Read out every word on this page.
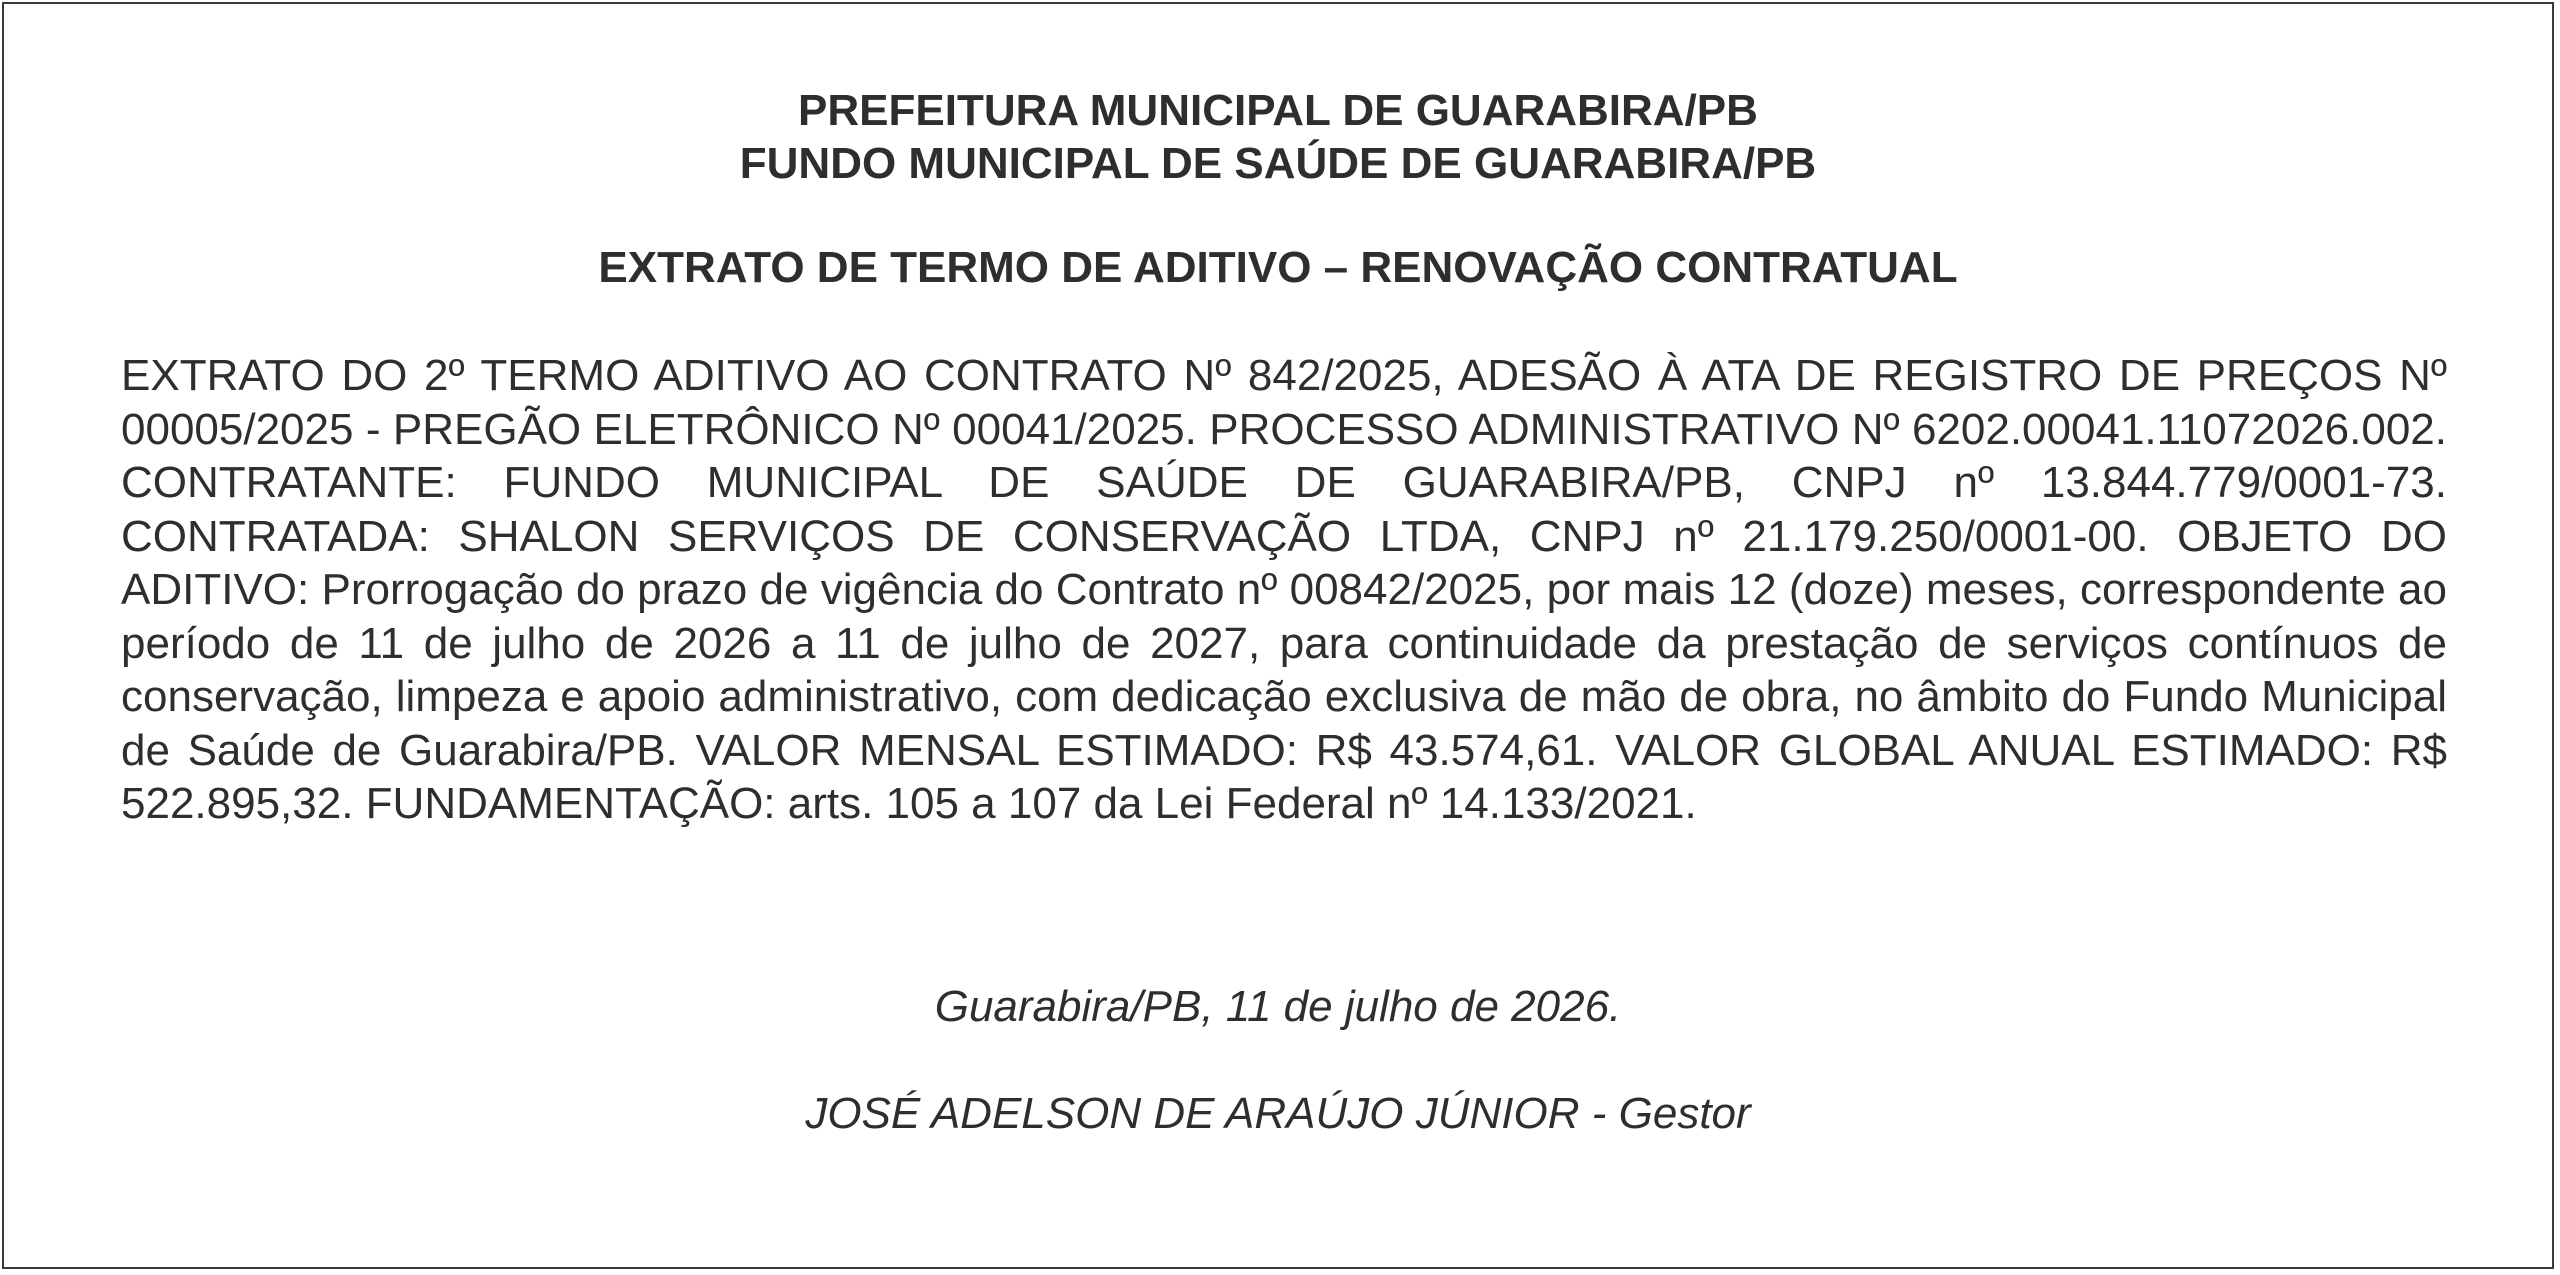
PREFEITURA MUNICIPAL DE GUARABIRA/PB
FUNDO MUNICIPAL DE SAÚDE DE GUARABIRA/PB
EXTRATO DE TERMO DE ADITIVO – RENOVAÇÃO CONTRATUAL

EXTRATO DO 2º TERMO ADITIVO AO CONTRATO Nº 842/2025, ADESÃO À ATA DE REGISTRO DE PREÇOS Nº 00005/2025 - PREGÃO ELETRÔNICO Nº 00041/2025. PROCESSO ADMINISTRATIVO Nº 6202.00041.11072026.002. CONTRATANTE: FUNDO MUNICIPAL DE SAÚDE DE GUARABIRA/PB, CNPJ nº 13.844.779/0001-73. CONTRATADA: SHALON SERVIÇOS DE CONSERVAÇÃO LTDA, CNPJ nº 21.179.250/0001-00. OBJETO DO ADITIVO: Prorrogação do prazo de vigência do Contrato nº 00842/2025, por mais 12 (doze) meses, correspondente ao período de 11 de julho de 2026 a 11 de julho de 2027, para continuidade da prestação de serviços contínuos de conservação, limpeza e apoio administrativo, com dedicação exclusiva de mão de obra, no âmbito do Fundo Municipal de Saúde de Guarabira/PB. VALOR MENSAL ESTIMADO: R$ 43.574,61. VALOR GLOBAL ANUAL ESTIMADO: R$ 522.895,32. FUNDAMENTAÇÃO: arts. 105 a 107 da Lei Federal nº 14.133/2021.

Guarabira/PB, 11 de julho de 2026.
JOSÉ ADELSON DE ARAÚJO JÚNIOR - Gestor
